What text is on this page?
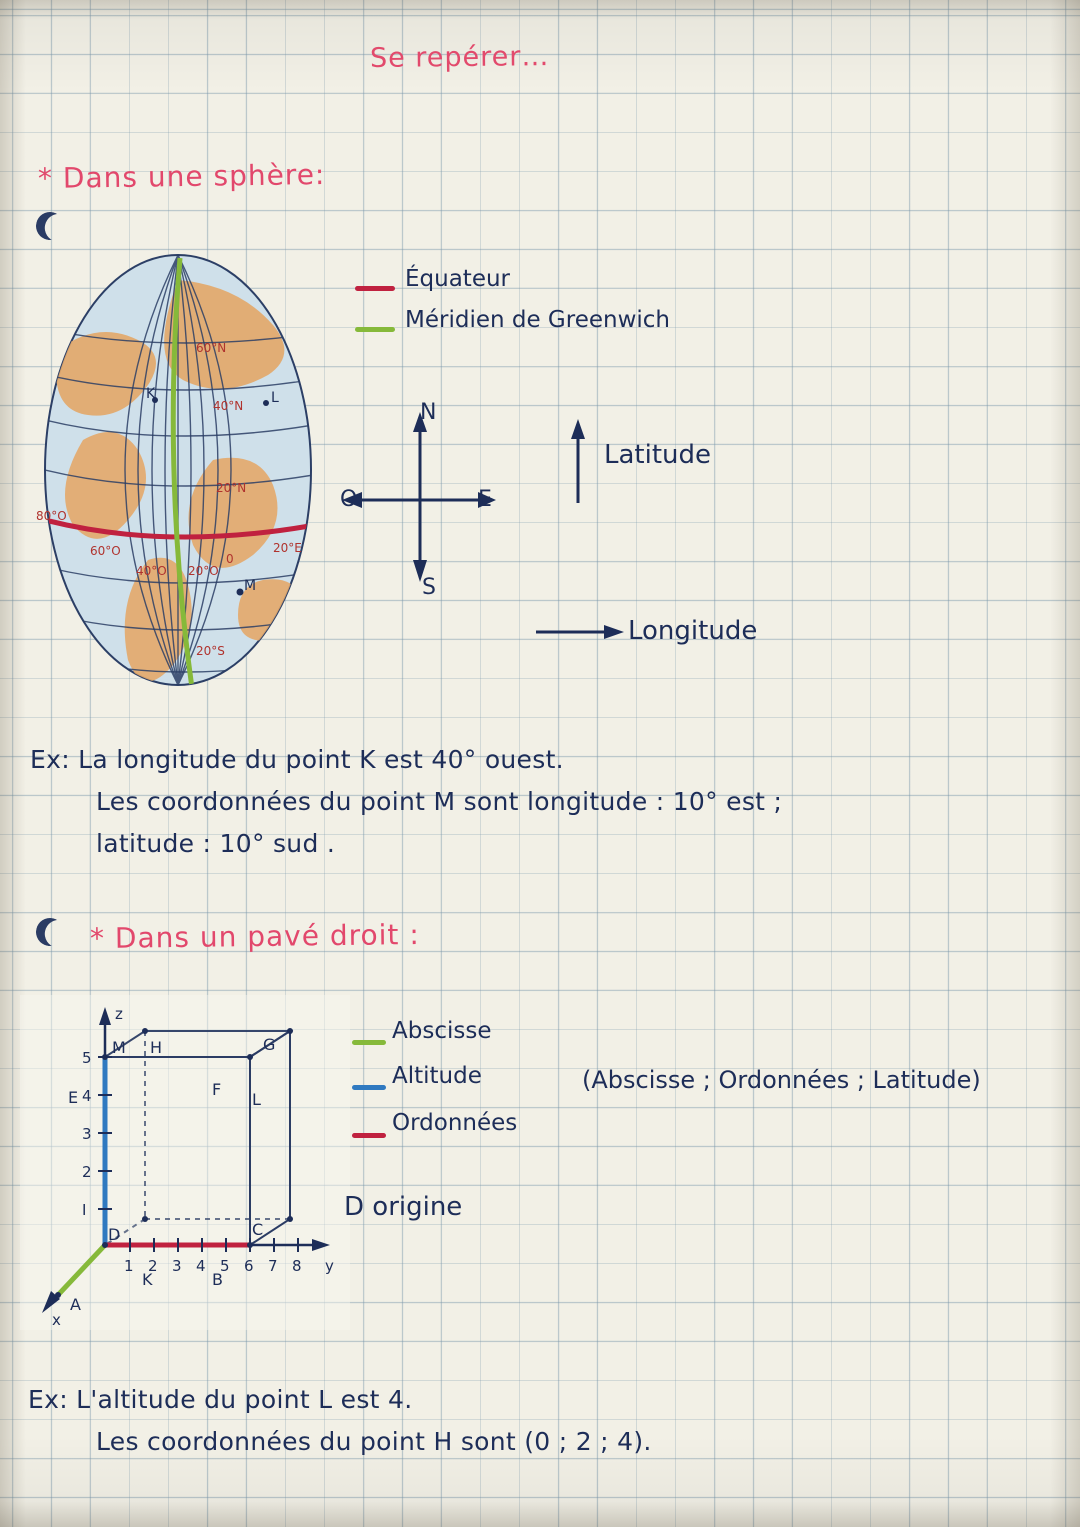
Se repérer…
* Dans une sphère:
60°N
40°N
20°N
20°S
80°O
60°O
40°O 20°O
0
20°E
K	L
M
Équateur
Méridien de Greenwich
N
S
E
O
Latitude
Longitude
Ex: La longitude du point K est 40° ouest.
Les coordonnées du point M sont longitude : 10° est ;
latitude : 10° sud .
* Dans un pavé droit :
M H	G
E	F
L
D	C
A
K	B
z
y
x
5
4
3
2
I
1 2 3 4 5 6 7 8
Abscisse
Altitude
Ordonnées
(Abscisse ; Ordonnées ; Latitude)
D origine
Ex: L'altitude du point L est 4.
Les coordonnées du point H sont (0 ; 2 ; 4).
